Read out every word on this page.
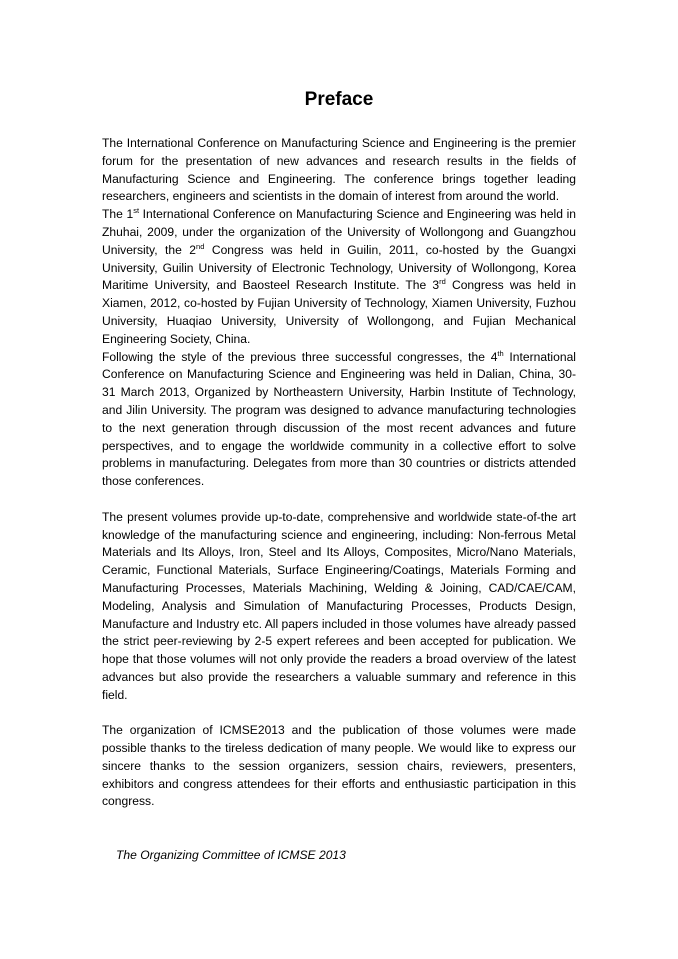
Preface

The International Conference on Manufacturing Science and Engineering is the premier forum for the presentation of new advances and research results in the fields of Manufacturing Science and Engineering. The conference brings together leading researchers, engineers and scientists in the domain of interest from around the world.

The 1st International Conference on Manufacturing Science and Engineering was held in Zhuhai, 2009, under the organization of the University of Wollongong and Guangzhou University, the 2nd Congress was held in Guilin, 2011, co-hosted by the Guangxi University, Guilin University of Electronic Technology, University of Wollongong, Korea Maritime University, and Baosteel Research Institute. The 3rd Congress was held in Xiamen, 2012, co-hosted by Fujian University of Technology, Xiamen University, Fuzhou University, Huaqiao University, University of Wollongong, and Fujian Mechanical Engineering Society, China.

Following the style of the previous three successful congresses, the 4th International Conference on Manufacturing Science and Engineering was held in Dalian, China, 30-31 March 2013, Organized by Northeastern University, Harbin Institute of Technology, and Jilin University. The program was designed to advance manufacturing technologies to the next generation through discussion of the most recent advances and future perspectives, and to engage the worldwide community in a collective effort to solve problems in manufacturing. Delegates from more than 30 countries or districts attended those conferences.

The present volumes provide up-to-date, comprehensive and worldwide state-of-the art knowledge of the manufacturing science and engineering, including: Non-ferrous Metal Materials and Its Alloys, Iron, Steel and Its Alloys, Composites, Micro/Nano Materials, Ceramic, Functional Materials, Surface Engineering/Coatings, Materials Forming and Manufacturing Processes, Materials Machining, Welding & Joining, CAD/CAE/CAM, Modeling, Analysis and Simulation of Manufacturing Processes, Products Design, Manufacture and Industry etc. All papers included in those volumes have already passed the strict peer-reviewing by 2-5 expert referees and been accepted for publication. We hope that those volumes will not only provide the readers a broad overview of the latest advances but also provide the researchers a valuable summary and reference in this field.

The organization of ICMSE2013 and the publication of those volumes were made possible thanks to the tireless dedication of many people. We would like to express our sincere thanks to the session organizers, session chairs, reviewers, presenters, exhibitors and congress attendees for their efforts and enthusiastic participation in this congress.

The Organizing Committee of ICMSE 2013
